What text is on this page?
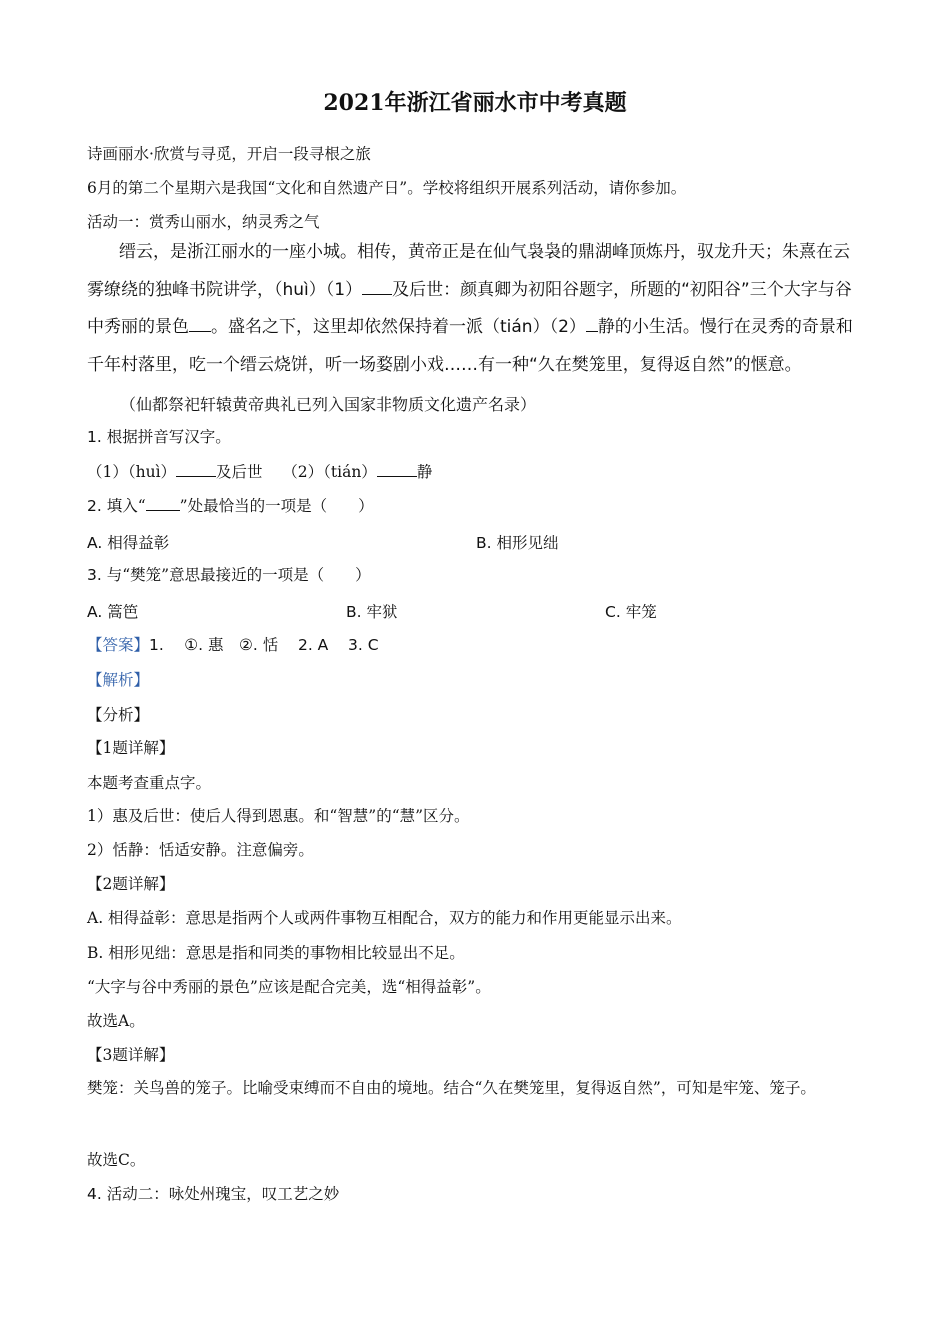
2021年浙江省丽水市中考真题
诗画丽水·欣赏与寻觅，开启一段寻根之旅
6月的第二个星期六是我国“文化和自然遗产日”。学校将组织开展系列活动，请你参加。
活动一：赏秀山丽水，纳灵秀之气
缙云，是浙江丽水的一座小城。相传，黄帝正是在仙气袅袅的鼎湖峰顶炼丹，驭龙升天；朱熹在云雾缭绕的独峰书院讲学，（huì）（1） 及后世：颜真卿为初阳谷题字，所题的“初阳谷”三个大字与谷中秀丽的景色 。盛名之下，这里却依然保持着一派（tián）（2） 静的小生活。慢行在灵秀的奇景和千年村落里，吃一个缙云烧饼，听一场婺剧小戏……有一种“久在樊笼里，复得返自然”的惬意。
（仙都祭祀轩辕黄帝典礼已列入国家非物质文化遗产名录）
1. 根据拼音写汉字。
（1）（huì）	及后世 （2）（tián）	静
2. 填入“ ”处最恰当的一项是（　　）
A. 相得益彰	B. 相形见绌
3. 与“樊笼”意思最接近的一项是（　　）
A. 篙笆	B. 牢狱	C. 牢笼
【答案】1.　 ①. 惠　②. 恬 2. A 3. C
【解析】
【分析】
【1题详解】
本题考查重点字。
1）惠及后世：使后人得到恩惠。和“智慧”的“慧”区分。
2）恬静：恬适安静。注意偏旁。
【2题详解】
A. 相得益彰：意思是指两个人或两件事物互相配合，双方的能力和作用更能显示出来。
B. 相形见绌：意思是指和同类的事物相比较显出不足。
“大字与谷中秀丽的景色”应该是配合完美，选“相得益彰”。
故选A。
【3题详解】
樊笼：关鸟兽的笼子。比喻受束缚而不自由的境地。结合“久在樊笼里，复得返自然”，可知是牢笼、笼子。
故选C。
4. 活动二：咏处州瑰宝，叹工艺之妙
